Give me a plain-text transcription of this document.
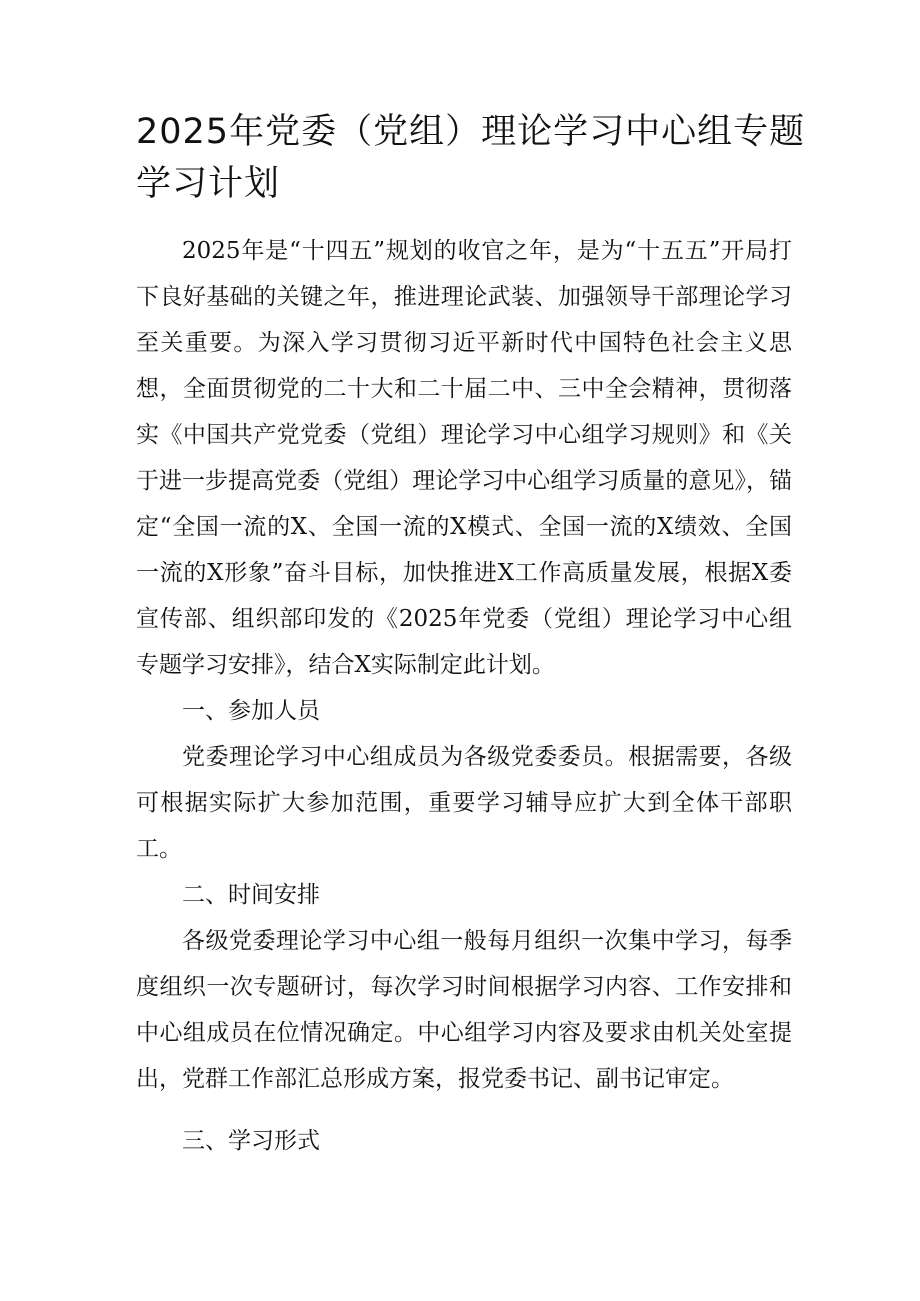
2025年党委（党组）理论学习中心组专题学习计划

2025年是“十四五”规划的收官之年，是为“十五五”开局打下良好基础的关键之年，推进理论武装、加强领导干部理论学习至关重要。为深入学习贯彻习近平新时代中国特色社会主义思想，全面贯彻党的二十大和二十届二中、三中全会精神，贯彻落实《中国共产党党委（党组）理论学习中心组学习规则》和《关于进一步提高党委（党组）理论学习中心组学习质量的意见》，锚定“全国一流的X、全国一流的X模式、全国一流的X绩效、全国一流的X形象”奋斗目标，加快推进X工作高质量发展，根据X委宣传部、组织部印发的《2025年党委（党组）理论学习中心组专题学习安排》，结合X实际制定此计划。

一、参加人员

党委理论学习中心组成员为各级党委委员。根据需要，各级可根据实际扩大参加范围，重要学习辅导应扩大到全体干部职工。

二、时间安排

各级党委理论学习中心组一般每月组织一次集中学习，每季度组织一次专题研讨，每次学习时间根据学习内容、工作安排和中心组成员在位情况确定。中心组学习内容及要求由机关处室提出，党群工作部汇总形成方案，报党委书记、副书记审定。

三、学习形式
